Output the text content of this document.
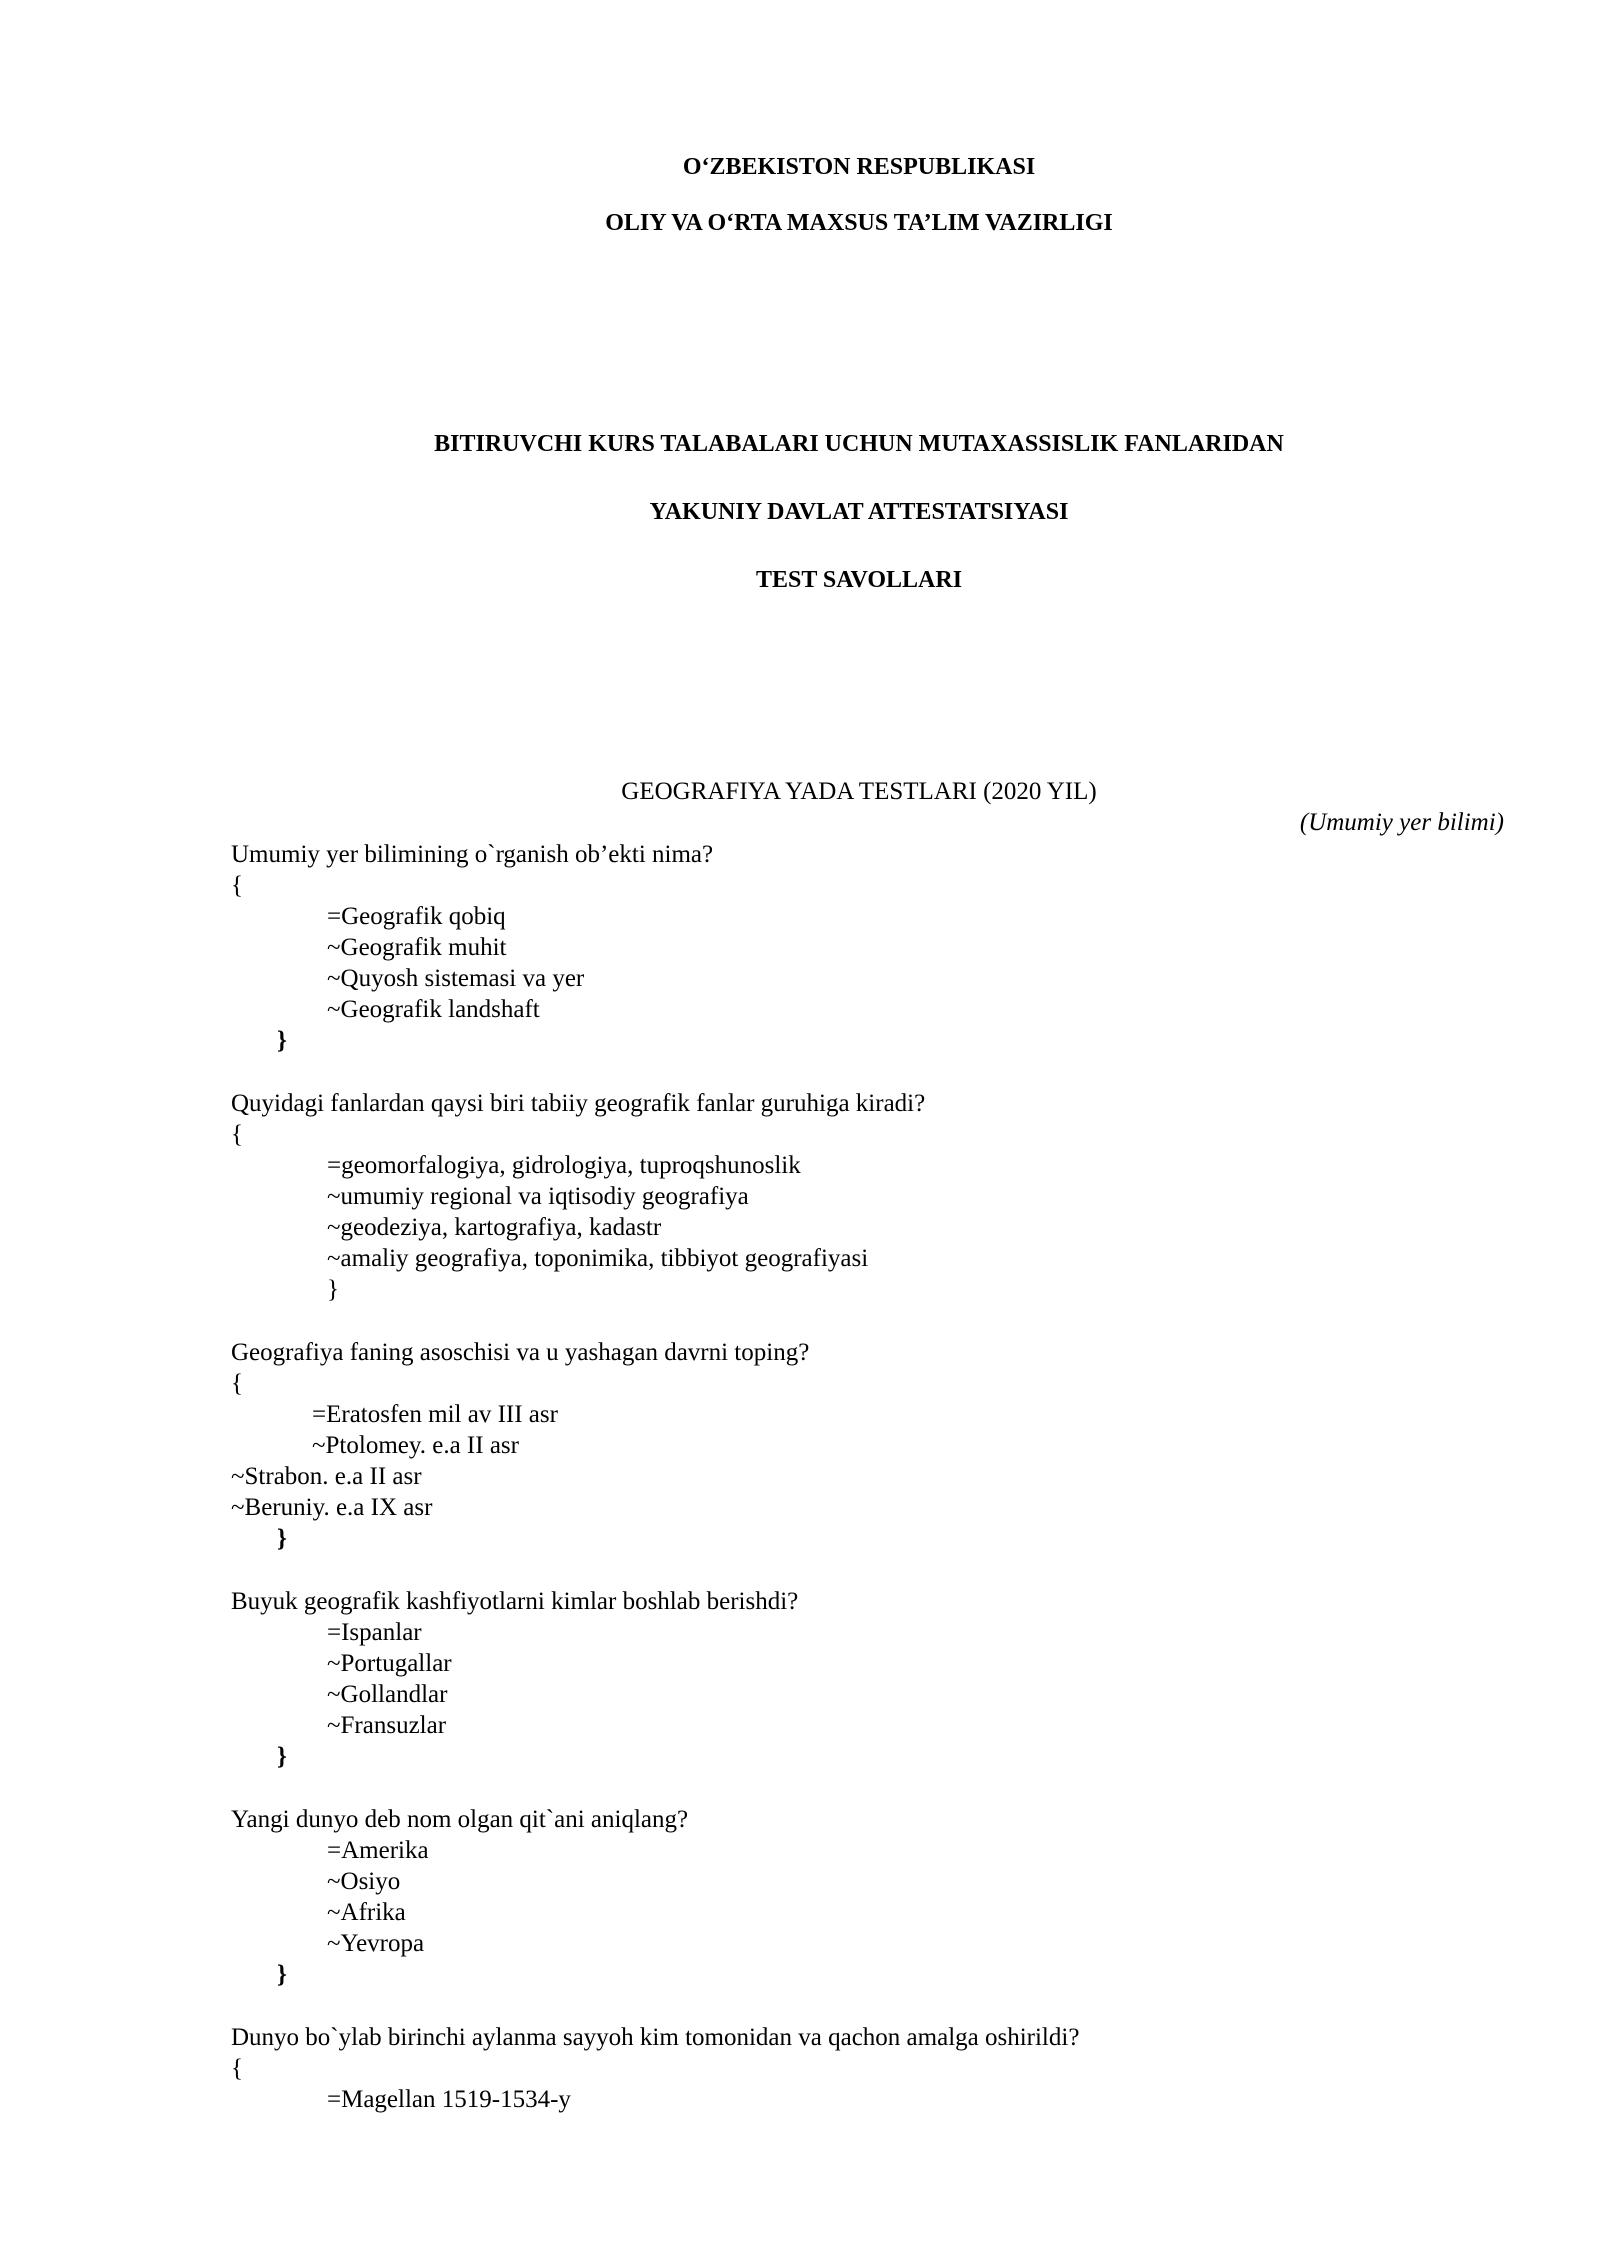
O‘ZBEKISTON RESPUBLIKASI
OLIY VA O‘RTA MAXSUS TA’LIM VAZIRLIGI
BITIRUVCHI KURS TALABALARI UCHUN MUTAXASSISLIK FANLARIDAN
YAKUNIY DAVLAT ATTESTATSIYASI
TEST SAVOLLARI
GEOGRAFIYA YADA TESTLARI (2020 YIL)
(Umumiy yer bilimi)
Umumiy yer bilimining o`rganish ob’ekti nima?
{
=Geografik qobiq
~Geografik muhit
~Quyosh sistemasi va yer
~Geografik landshaft
}
Quyidagi fanlardan qaysi biri tabiiy geografik fanlar guruhiga kiradi?
{
=geomorfalogiya, gidrologiya, tuproqshunoslik
~umumiy regional va iqtisodiy geografiya
~geodeziya, kartografiya, kadastr
~amaliy geografiya, toponimika, tibbiyot geografiyasi
}
Geografiya faning asoschisi va u yashagan davrni toping?
{
=Eratosfen mil av III asr
~Ptolomey. e.a II asr
~Strabon. e.a II asr
~Beruniy. e.a IX asr
}
Buyuk geografik kashfiyotlarni kimlar boshlab berishdi?
=Ispanlar
~Portugallar
~Gollandlar
~Fransuzlar
}
Yangi dunyo deb nom olgan qit`ani aniqlang?
=Amerika
~Osiyo
~Afrika
~Yevropa
}
Dunyo bo`ylab birinchi aylanma sayyoh kim tomonidan va qachon amalga oshirildi?
{
=Magellan 1519-1534-y
